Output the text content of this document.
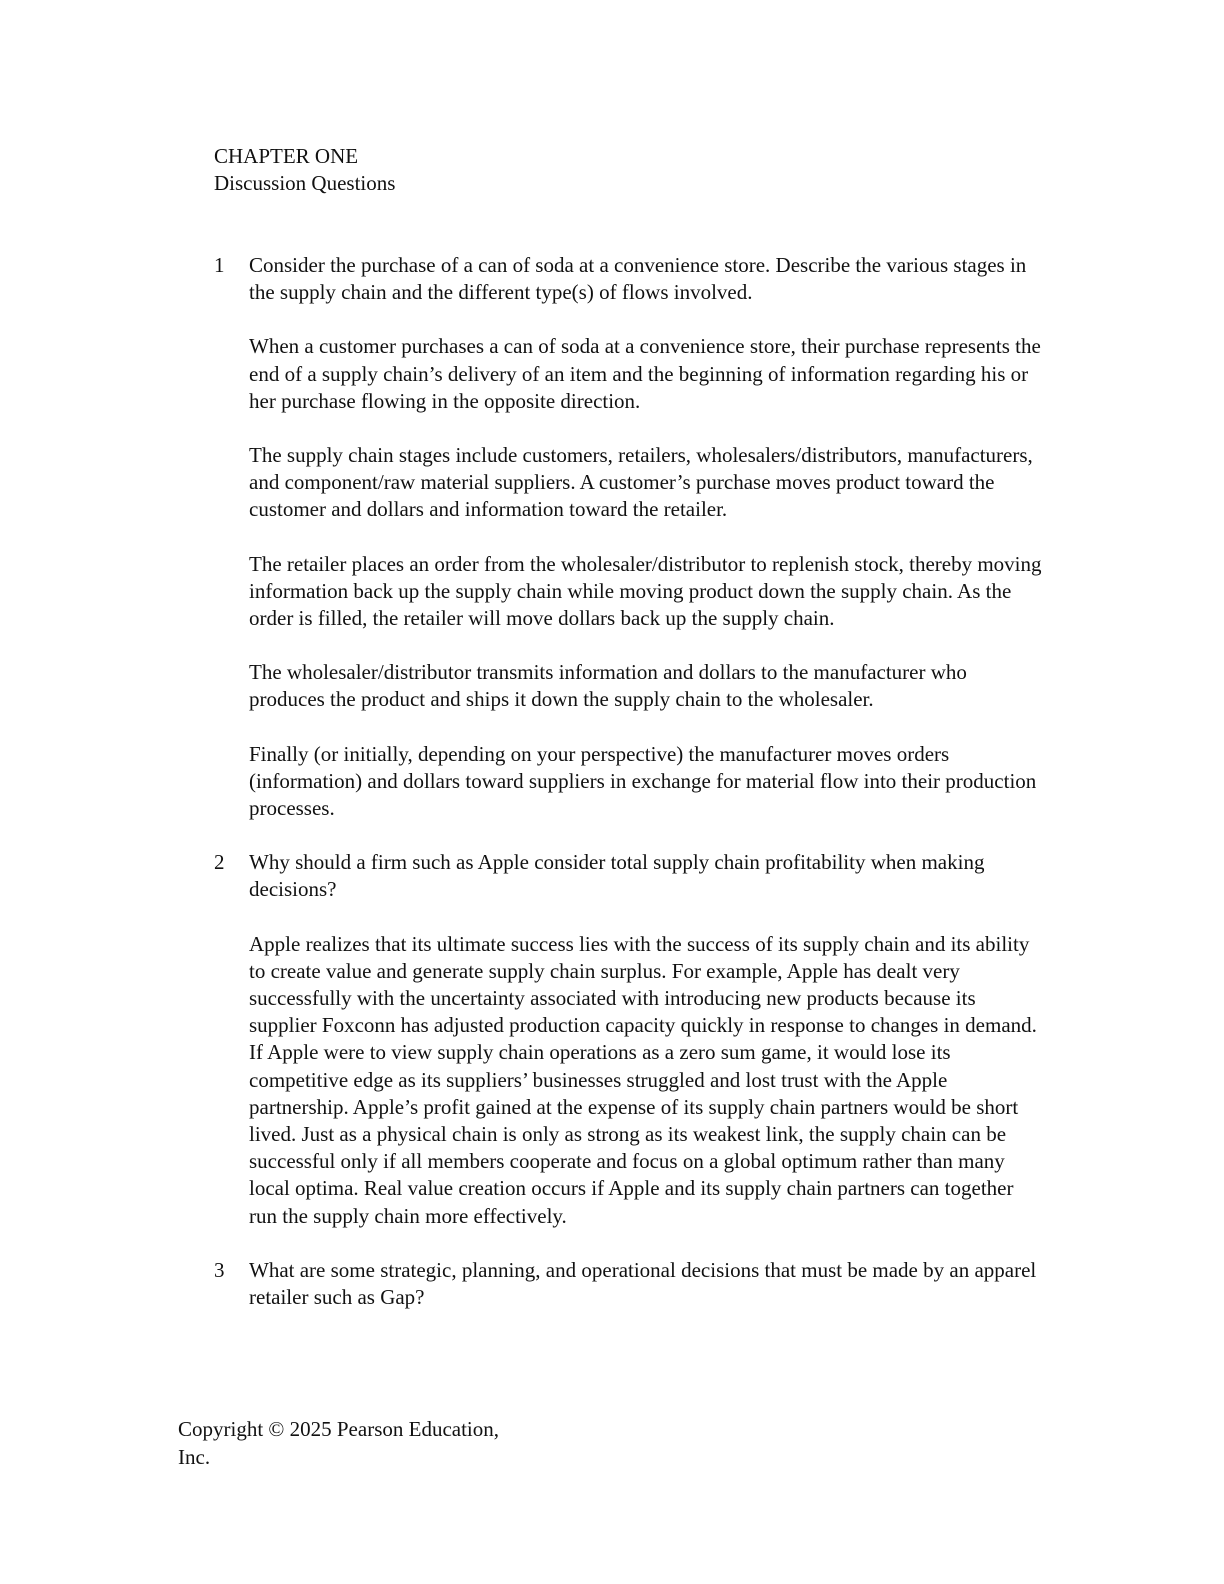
CHAPTER ONE
Discussion Questions
1	Consider the purchase of a can of soda at a convenience store. Describe the various stages in the supply chain and the different type(s) of flows involved.

When a customer purchases a can of soda at a convenience store, their purchase represents the end of a supply chain’s delivery of an item and the beginning of information regarding his or her purchase flowing in the opposite direction.

The supply chain stages include customers, retailers, wholesalers/distributors, manufacturers, and component/raw material suppliers. A customer’s purchase moves product toward the customer and dollars and information toward the retailer.

The retailer places an order from the wholesaler/distributor to replenish stock, thereby moving information back up the supply chain while moving product down the supply chain. As the order is filled, the retailer will move dollars back up the supply chain.

The wholesaler/distributor transmits information and dollars to the manufacturer who produces the product and ships it down the supply chain to the wholesaler.

Finally (or initially, depending on your perspective) the manufacturer moves orders (information) and dollars toward suppliers in exchange for material flow into their production processes.

2	Why should a firm such as Apple consider total supply chain profitability when making decisions?

Apple realizes that its ultimate success lies with the success of its supply chain and its ability to create value and generate supply chain surplus. For example, Apple has dealt very successfully with the uncertainty associated with introducing new products because its supplier Foxconn has adjusted production capacity quickly in response to changes in demand. If Apple were to view supply chain operations as a zero sum game, it would lose its competitive edge as its suppliers’ businesses struggled and lost trust with the Apple partnership. Apple’s profit gained at the expense of its supply chain partners would be short lived. Just as a physical chain is only as strong as its weakest link, the supply chain can be successful only if all members cooperate and focus on a global optimum rather than many local optima. Real value creation occurs if Apple and its supply chain partners can together run the supply chain more effectively.

3	What are some strategic, planning, and operational decisions that must be made by an apparel retailer such as Gap?

Copyright © 2025 Pearson Education,
Inc.
